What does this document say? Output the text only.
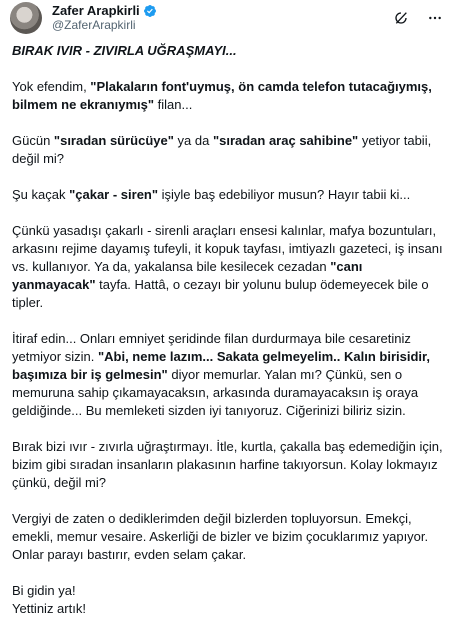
Zafer Arapkirli
@ZaferArapkirli

BIRAK IVIR - ZIVIRLA UĞRAŞMAYI...

Yok efendim, "Plakaların font'uymuş, ön camda telefon tutacağıymış, bilmem ne ekranıymış" filan...

Gücün "sıradan sürücüye" ya da "sıradan araç sahibine" yetiyor tabii, değil mi?

Şu kaçak "çakar - siren" işiyle baş edebiliyor musun? Hayır tabii ki...

Çünkü yasadışı çakarlı - sirenli araçları ensesi kalınlar, mafya bozuntuları, arkasını rejime dayamış tufeyli, it kopuk tayfası, imtiyazlı gazeteci, iş insanı vs. kullanıyor. Ya da, yakalansa bile kesilecek cezadan "canı yanmayacak" tayfa. Hattâ, o cezayı bir yolunu bulup ödemeyecek bile o tipler.

İtiraf edin... Onları emniyet şeridinde filan durdurmaya bile cesaretiniz yetmiyor sizin. "Abi, neme lazım... Sakata gelmeyelim.. Kalın birisidir, başımıza bir iş gelmesin" diyor memurlar. Yalan mı? Çünkü, sen o memuruna sahip çıkamayacaksın, arkasında duramayacaksın iş oraya geldiğinde... Bu memleketi sizden iyi tanıyoruz. Ciğerinizi biliriz sizin.

Bırak bizi ıvır - zıvırla uğraştırmayı. İtle, kurtla, çakalla baş edemediğin için, bizim gibi sıradan insanların plakasının harfine takıyorsun. Kolay lokmayız çünkü, değil mi?

Vergiyi de zaten o dediklerimden değil bizlerden topluyorsun. Emekçi, emekli, memur vesaire. Askerliği de bizler ve bizim çocuklarımız yapıyor. Onlar parayı bastırır, evden selam çakar.

Bi gidin ya!
Yettiniz artık!
